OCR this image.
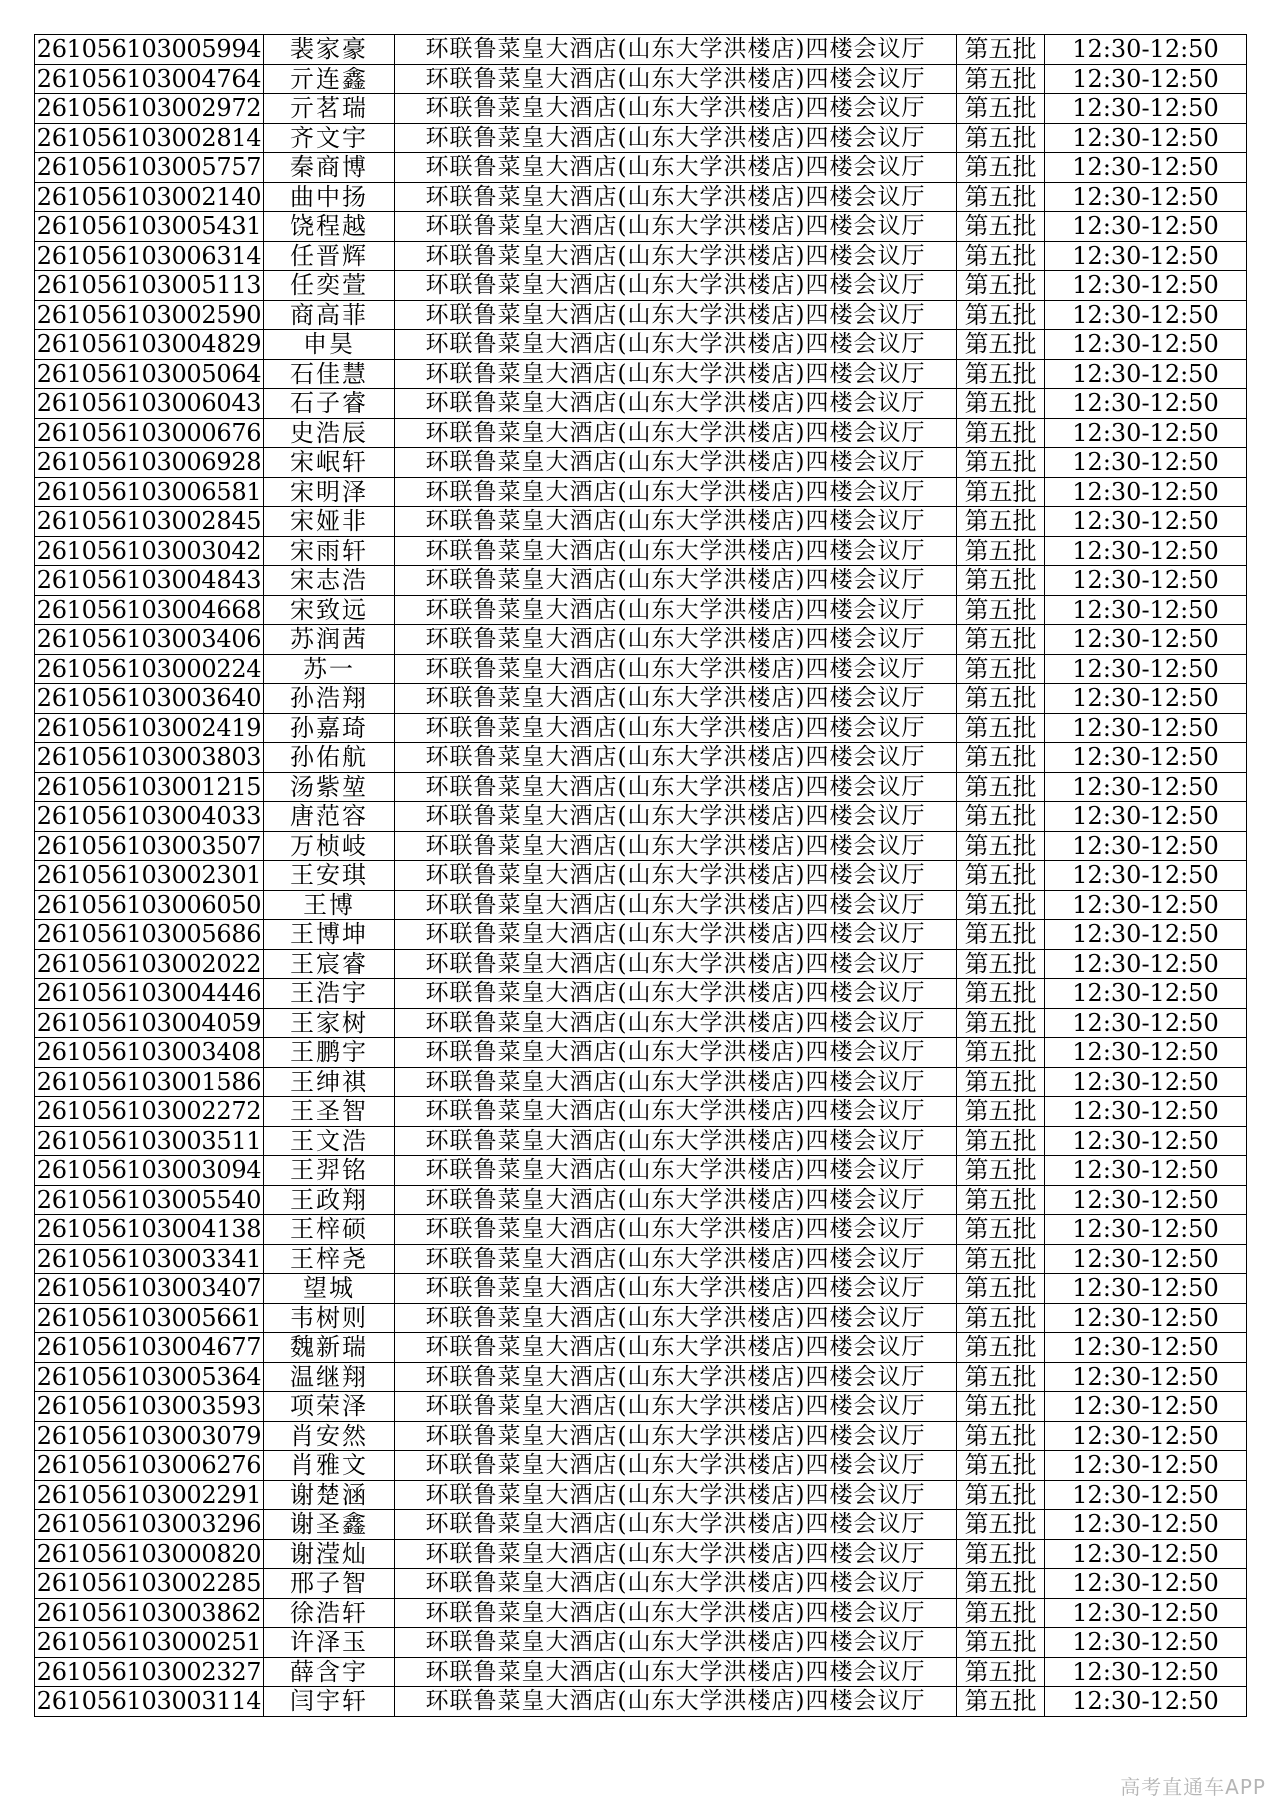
261056103005994	裴家豪	环联鲁菜皇大酒店(山东大学洪楼店)四楼会议厅	第五批	12:30-12:50
261056103004764	亓连鑫	环联鲁菜皇大酒店(山东大学洪楼店)四楼会议厅	第五批	12:30-12:50
261056103002972	亓茗瑞	环联鲁菜皇大酒店(山东大学洪楼店)四楼会议厅	第五批	12:30-12:50
261056103002814	齐文宇	环联鲁菜皇大酒店(山东大学洪楼店)四楼会议厅	第五批	12:30-12:50
261056103005757	秦商博	环联鲁菜皇大酒店(山东大学洪楼店)四楼会议厅	第五批	12:30-12:50
261056103002140	曲中扬	环联鲁菜皇大酒店(山东大学洪楼店)四楼会议厅	第五批	12:30-12:50
261056103005431	饶程越	环联鲁菜皇大酒店(山东大学洪楼店)四楼会议厅	第五批	12:30-12:50
261056103006314	任晋辉	环联鲁菜皇大酒店(山东大学洪楼店)四楼会议厅	第五批	12:30-12:50
261056103005113	任奕萱	环联鲁菜皇大酒店(山东大学洪楼店)四楼会议厅	第五批	12:30-12:50
261056103002590	商高菲	环联鲁菜皇大酒店(山东大学洪楼店)四楼会议厅	第五批	12:30-12:50
261056103004829	申昊	环联鲁菜皇大酒店(山东大学洪楼店)四楼会议厅	第五批	12:30-12:50
261056103005064	石佳慧	环联鲁菜皇大酒店(山东大学洪楼店)四楼会议厅	第五批	12:30-12:50
261056103006043	石子睿	环联鲁菜皇大酒店(山东大学洪楼店)四楼会议厅	第五批	12:30-12:50
261056103000676	史浩辰	环联鲁菜皇大酒店(山东大学洪楼店)四楼会议厅	第五批	12:30-12:50
261056103006928	宋岷轩	环联鲁菜皇大酒店(山东大学洪楼店)四楼会议厅	第五批	12:30-12:50
261056103006581	宋明泽	环联鲁菜皇大酒店(山东大学洪楼店)四楼会议厅	第五批	12:30-12:50
261056103002845	宋娅非	环联鲁菜皇大酒店(山东大学洪楼店)四楼会议厅	第五批	12:30-12:50
261056103003042	宋雨轩	环联鲁菜皇大酒店(山东大学洪楼店)四楼会议厅	第五批	12:30-12:50
261056103004843	宋志浩	环联鲁菜皇大酒店(山东大学洪楼店)四楼会议厅	第五批	12:30-12:50
261056103004668	宋致远	环联鲁菜皇大酒店(山东大学洪楼店)四楼会议厅	第五批	12:30-12:50
261056103003406	苏润茜	环联鲁菜皇大酒店(山东大学洪楼店)四楼会议厅	第五批	12:30-12:50
261056103000224	苏一	环联鲁菜皇大酒店(山东大学洪楼店)四楼会议厅	第五批	12:30-12:50
261056103003640	孙浩翔	环联鲁菜皇大酒店(山东大学洪楼店)四楼会议厅	第五批	12:30-12:50
261056103002419	孙嘉琦	环联鲁菜皇大酒店(山东大学洪楼店)四楼会议厅	第五批	12:30-12:50
261056103003803	孙佑航	环联鲁菜皇大酒店(山东大学洪楼店)四楼会议厅	第五批	12:30-12:50
261056103001215	汤紫堃	环联鲁菜皇大酒店(山东大学洪楼店)四楼会议厅	第五批	12:30-12:50
261056103004033	唐范容	环联鲁菜皇大酒店(山东大学洪楼店)四楼会议厅	第五批	12:30-12:50
261056103003507	万桢岐	环联鲁菜皇大酒店(山东大学洪楼店)四楼会议厅	第五批	12:30-12:50
261056103002301	王安琪	环联鲁菜皇大酒店(山东大学洪楼店)四楼会议厅	第五批	12:30-12:50
261056103006050	王博	环联鲁菜皇大酒店(山东大学洪楼店)四楼会议厅	第五批	12:30-12:50
261056103005686	王博坤	环联鲁菜皇大酒店(山东大学洪楼店)四楼会议厅	第五批	12:30-12:50
261056103002022	王宸睿	环联鲁菜皇大酒店(山东大学洪楼店)四楼会议厅	第五批	12:30-12:50
261056103004446	王浩宇	环联鲁菜皇大酒店(山东大学洪楼店)四楼会议厅	第五批	12:30-12:50
261056103004059	王家树	环联鲁菜皇大酒店(山东大学洪楼店)四楼会议厅	第五批	12:30-12:50
261056103003408	王鹏宇	环联鲁菜皇大酒店(山东大学洪楼店)四楼会议厅	第五批	12:30-12:50
261056103001586	王绅祺	环联鲁菜皇大酒店(山东大学洪楼店)四楼会议厅	第五批	12:30-12:50
261056103002272	王圣智	环联鲁菜皇大酒店(山东大学洪楼店)四楼会议厅	第五批	12:30-12:50
261056103003511	王文浩	环联鲁菜皇大酒店(山东大学洪楼店)四楼会议厅	第五批	12:30-12:50
261056103003094	王羿铭	环联鲁菜皇大酒店(山东大学洪楼店)四楼会议厅	第五批	12:30-12:50
261056103005540	王政翔	环联鲁菜皇大酒店(山东大学洪楼店)四楼会议厅	第五批	12:30-12:50
261056103004138	王梓硕	环联鲁菜皇大酒店(山东大学洪楼店)四楼会议厅	第五批	12:30-12:50
261056103003341	王梓尧	环联鲁菜皇大酒店(山东大学洪楼店)四楼会议厅	第五批	12:30-12:50
261056103003407	望城	环联鲁菜皇大酒店(山东大学洪楼店)四楼会议厅	第五批	12:30-12:50
261056103005661	韦树则	环联鲁菜皇大酒店(山东大学洪楼店)四楼会议厅	第五批	12:30-12:50
261056103004677	魏新瑞	环联鲁菜皇大酒店(山东大学洪楼店)四楼会议厅	第五批	12:30-12:50
261056103005364	温继翔	环联鲁菜皇大酒店(山东大学洪楼店)四楼会议厅	第五批	12:30-12:50
261056103003593	项荣泽	环联鲁菜皇大酒店(山东大学洪楼店)四楼会议厅	第五批	12:30-12:50
261056103003079	肖安然	环联鲁菜皇大酒店(山东大学洪楼店)四楼会议厅	第五批	12:30-12:50
261056103006276	肖雅文	环联鲁菜皇大酒店(山东大学洪楼店)四楼会议厅	第五批	12:30-12:50
261056103002291	谢楚涵	环联鲁菜皇大酒店(山东大学洪楼店)四楼会议厅	第五批	12:30-12:50
261056103003296	谢圣鑫	环联鲁菜皇大酒店(山东大学洪楼店)四楼会议厅	第五批	12:30-12:50
261056103000820	谢滢灿	环联鲁菜皇大酒店(山东大学洪楼店)四楼会议厅	第五批	12:30-12:50
261056103002285	邢子智	环联鲁菜皇大酒店(山东大学洪楼店)四楼会议厅	第五批	12:30-12:50
261056103003862	徐浩轩	环联鲁菜皇大酒店(山东大学洪楼店)四楼会议厅	第五批	12:30-12:50
261056103000251	许泽玉	环联鲁菜皇大酒店(山东大学洪楼店)四楼会议厅	第五批	12:30-12:50
261056103002327	薛含宇	环联鲁菜皇大酒店(山东大学洪楼店)四楼会议厅	第五批	12:30-12:50
261056103003114	闫宇轩	环联鲁菜皇大酒店(山东大学洪楼店)四楼会议厅	第五批	12:30-12:50
高考直通车APP
